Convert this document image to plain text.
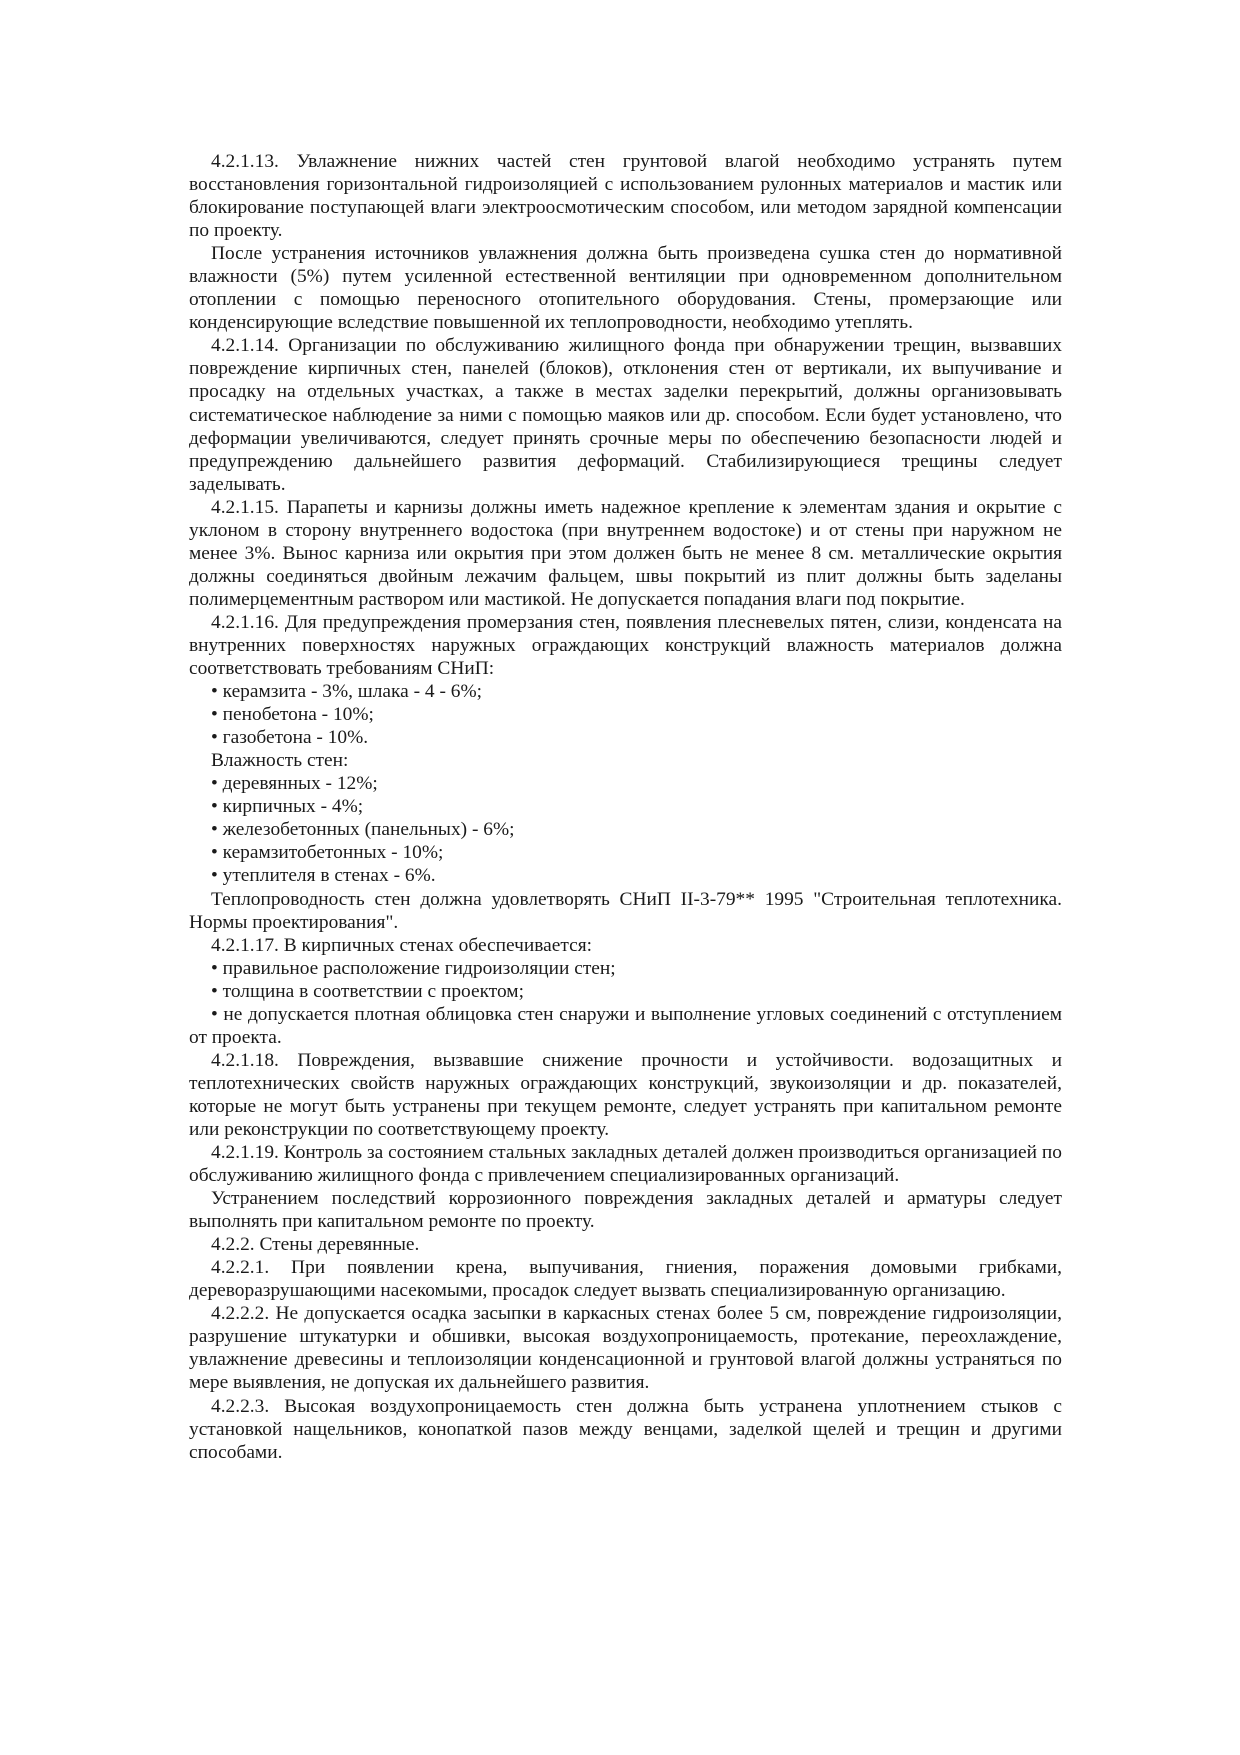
4.2.1.13. Увлажнение нижних частей стен грунтовой влагой необходимо устранять путем восстановления горизонтальной гидроизоляцией с использованием рулонных материалов и мастик или блокирование поступающей влаги электроосмотическим способом, или методом зарядной компенсации по проекту.

После устранения источников увлажнения должна быть произведена сушка стен до нормативной влажности (5%) путем усиленной естественной вентиляции при одновременном дополнительном отоплении с помощью переносного отопительного оборудования. Стены, промерзающие или конденсирующие вследствие повышенной их теплопроводности, необходимо утеплять.

4.2.1.14. Организации по обслуживанию жилищного фонда при обнаружении трещин, вызвавших повреждение кирпичных стен, панелей (блоков), отклонения стен от вертикали, их выпучивание и просадку на отдельных участках, а также в местах заделки перекрытий, должны организовывать систематическое наблюдение за ними с помощью маяков или др. способом. Если будет установлено, что деформации увеличиваются, следует принять срочные меры по обеспечению безопасности людей и предупреждению дальнейшего развития деформаций. Стабилизирующиеся трещины следует заделывать.

4.2.1.15. Парапеты и карнизы должны иметь надежное крепление к элементам здания и окрытие с уклоном в сторону внутреннего водостока (при внутреннем водостоке) и от стены при наружном не менее 3%. Вынос карниза или окрытия при этом должен быть не менее 8 см. металлические окрытия должны соединяться двойным лежачим фальцем, швы покрытий из плит должны быть заделаны полимерцементным раствором или мастикой. Не допускается попадания влаги под покрытие.

4.2.1.16. Для предупреждения промерзания стен, появления плесневелых пятен, слизи, конденсата на внутренних поверхностях наружных ограждающих конструкций влажность материалов должна соответствовать требованиям СНиП:

• керамзита - 3%, шлака - 4 - 6%;

• пенобетона - 10%;

• газобетона - 10%.

Влажность стен:

• деревянных - 12%;

• кирпичных - 4%;

• железобетонных (панельных) - 6%;

• керамзитобетонных - 10%;

• утеплителя в стенах - 6%.

Теплопроводность стен должна удовлетворять СНиП II-3-79** 1995 "Строительная теплотехника. Нормы проектирования".

4.2.1.17. В кирпичных стенах обеспечивается:

• правильное расположение гидроизоляции стен;

• толщина в соответствии с проектом;

• не допускается плотная облицовка стен снаружи и выполнение угловых соединений с отступлением от проекта.

4.2.1.18. Повреждения, вызвавшие снижение прочности и устойчивости. водозащитных и теплотехнических свойств наружных ограждающих конструкций, звукоизоляции и др. показателей, которые не могут быть устранены при текущем ремонте, следует устранять при капитальном ремонте или реконструкции по соответствующему проекту.

4.2.1.19. Контроль за состоянием стальных закладных деталей должен производиться организацией по обслуживанию жилищного фонда с привлечением специализированных организаций.

Устранением последствий коррозионного повреждения закладных деталей и арматуры следует выполнять при капитальном ремонте по проекту.

4.2.2. Стены деревянные.

4.2.2.1. При появлении крена, выпучивания, гниения, поражения домовыми грибками, дереворазрушающими насекомыми, просадок следует вызвать специализированную организацию.

4.2.2.2. Не допускается осадка засыпки в каркасных стенах более 5 см, повреждение гидроизоляции, разрушение штукатурки и обшивки, высокая воздухопроницаемость, протекание, переохлаждение, увлажнение древесины и теплоизоляции конденсационной и грунтовой влагой должны устраняться по мере выявления, не допуская их дальнейшего развития.

4.2.2.3. Высокая воздухопроницаемость стен должна быть устранена уплотнением стыков с установкой нащельников, конопаткой пазов между венцами, заделкой щелей и трещин и другими способами.
